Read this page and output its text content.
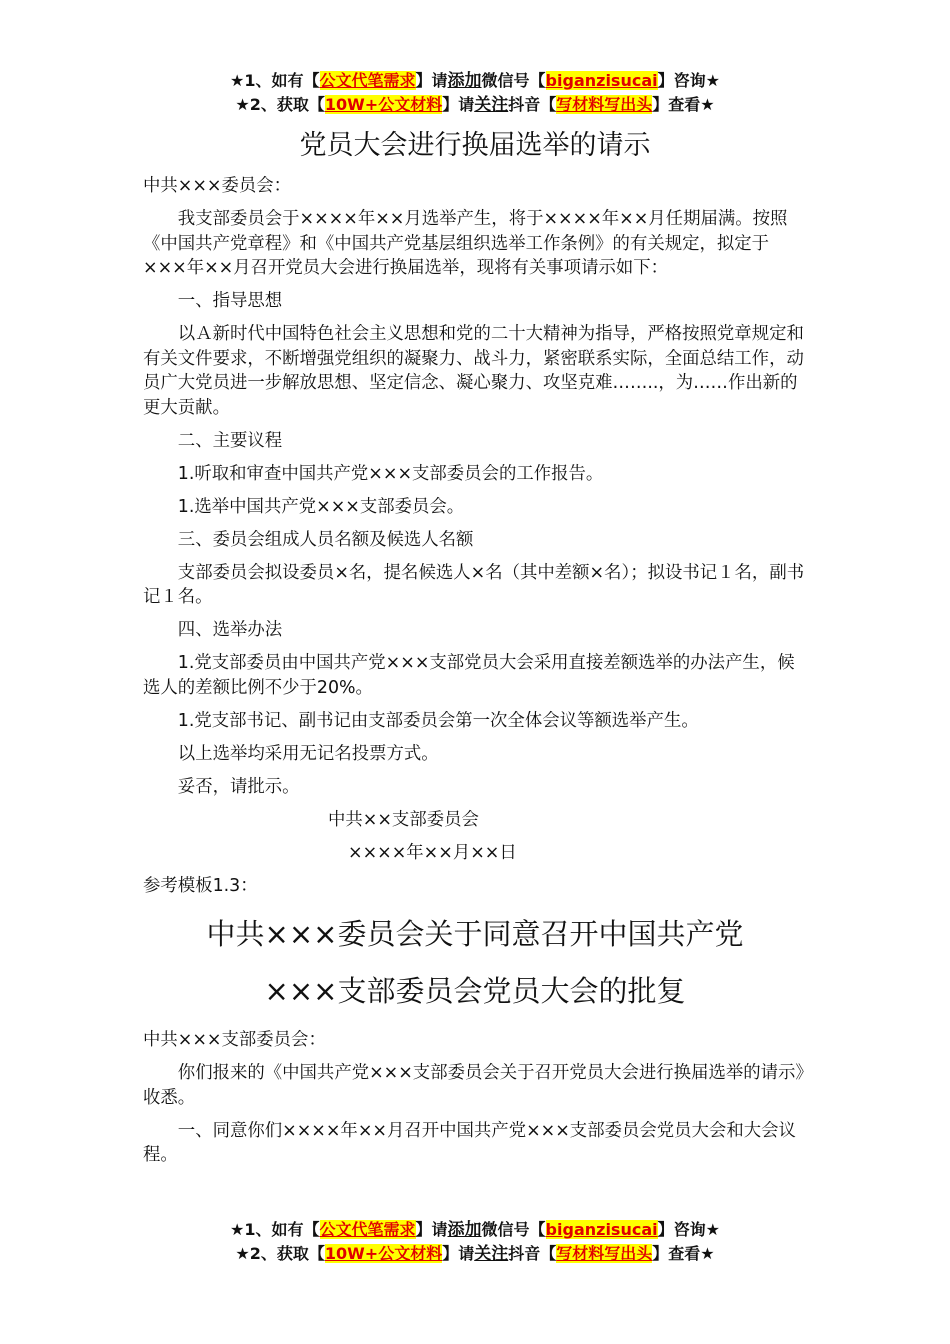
★1、如有【公文代笔需求】请添加微信号【biganzisucai】咨询★
★2、获取【10W+公文材料】请关注抖音【写材料写出头】查看★

党员大会进行换届选举的请示

中共×××委员会：

我支部委员会于××××年××月选举产生，将于××××年××月任期届满。按照《中国共产党章程》和《中国共产党基层组织选举工作条例》的有关规定，拟定于×××年××月召开党员大会进行换届选举，现将有关事项请示如下：

一、指导思想

以Ａ新时代中国特色社会主义思想和党的二十大精神为指导，严格按照党章规定和有关文件要求，不断增强党组织的凝聚力、战斗力，紧密联系实际，全面总结工作，动员广大党员进一步解放思想、坚定信念、凝心聚力、攻坚克难……..，为……作出新的更大贡献。

二、主要议程

1.听取和审查中国共产党×××支部委员会的工作报告。

1.选举中国共产党×××支部委员会。

三、委员会组成人员名额及候选人名额

支部委员会拟设委员×名，提名候选人×名（其中差额×名）；拟设书记１名，副书记１名。

四、选举办法

1.党支部委员由中国共产党×××支部党员大会采用直接差额选举的办法产生，候选人的差额比例不少于20%。

1.党支部书记、副书记由支部委员会第一次全体会议等额选举产生。

以上选举均采用无记名投票方式。

妥否，请批示。

中共××支部委员会

××××年××月××日

参考模板1.3：

中共×××委员会关于同意召开中国共产党

×××支部委员会党员大会的批复

中共×××支部委员会：

你们报来的《中国共产党×××支部委员会关于召开党员大会进行换届选举的请示》收悉。

一、同意你们××××年××月召开中国共产党×××支部委员会党员大会和大会议程。

★1、如有【公文代笔需求】请添加微信号【biganzisucai】咨询★
★2、获取【10W+公文材料】请关注抖音【写材料写出头】查看★
